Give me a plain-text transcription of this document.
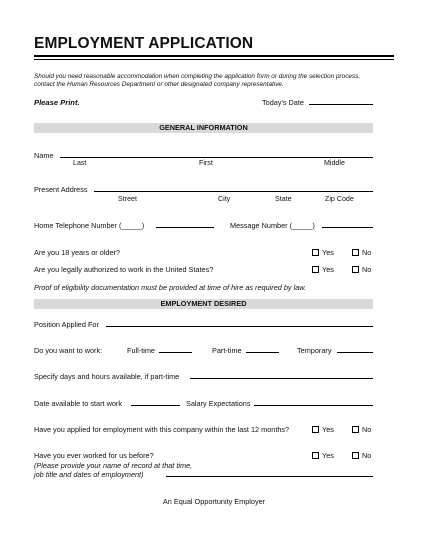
EMPLOYMENT APPLICATION
Should you need reasonable accommodation when completing the application form or during the selection process,
contact the Human Resources Department or other designated company representative.
Please Print.	Today's Date
GENERAL INFORMATION
Name
Last	First	Middle
Present Address
Street	City	State	Zip Code
Home Telephone Number (_____)	Message Number (_____)
Are you 18 years or older?	Yes	No
Are you legally authorized to work in the United States?	Yes	No
Proof of eligibility documentation must be provided at time of hire as required by law.
EMPLOYMENT DESIRED
Position Applied For
Do you want to work:	Full-time	Part-time	Temporary
Specify days and hours available, if part-time
Date available to start work	Salary Expectations
Have you applied for employment with this company within the last 12 months?	Yes	No
Have you ever worked for us before?	Yes	No
(Please provide your name of record at that time,
job title and dates of employment)
An Equal Opportunity Employer
